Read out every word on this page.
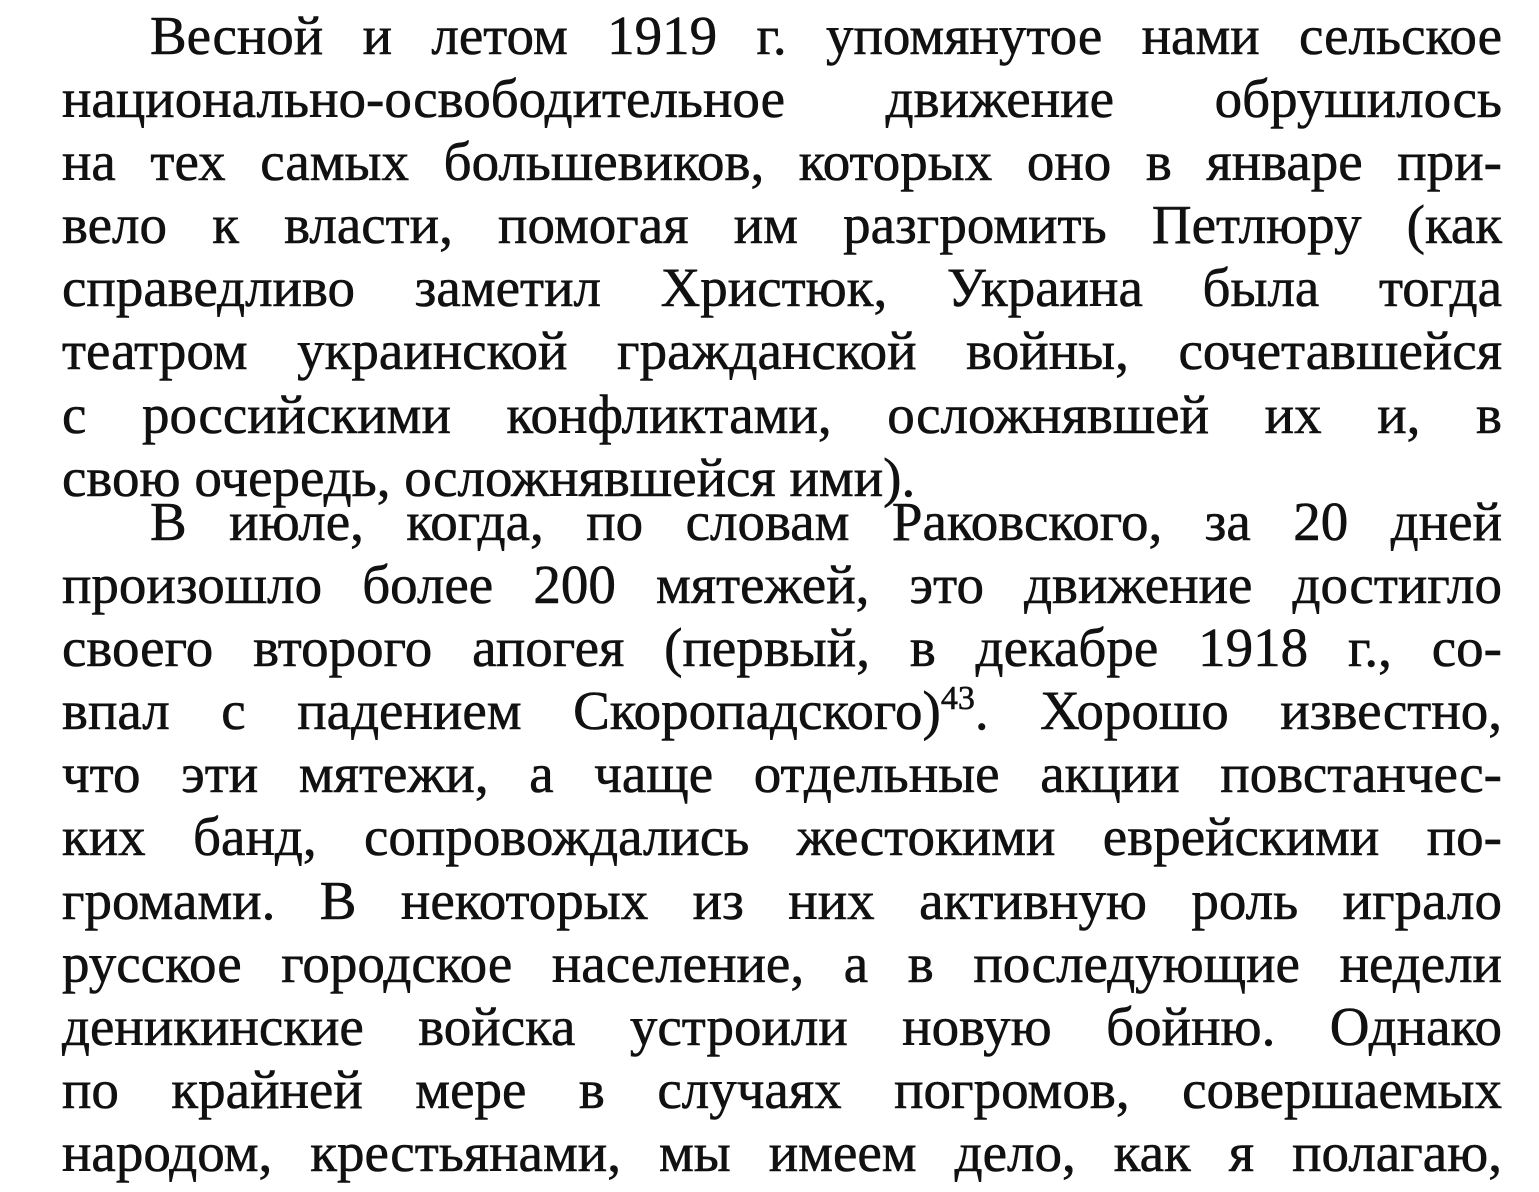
Весной и летом 1919 г. упомянутое нами сельское
национально-освободительное движение обрушилось
на тех самых большевиков, которых оно в январе при-
вело к власти, помогая им разгромить Петлюру (как
справедливо заметил Христюк, Украина была тогда
театром украинской гражданской войны, сочетавшейся
с российскими конфликтами, осложнявшей их и, в
свою очередь, осложнявшейся ими).
В июле, когда, по словам Раковского, за 20 дней
произошло более 200 мятежей, это движение достигло
своего второго апогея (первый, в декабре 1918 г., со-
впал с падением Скоропадского)$^{43}$. Хорошо известно,
что эти мятежи, а чаще отдельные акции повстанчес-
ких банд, сопровождались жестокими еврейскими по-
громами. В некоторых из них активную роль играло
русское городское население, а в последующие недели
деникинские войска устроили новую бойню. Однако
по крайней мере в случаях погромов, совершаемых
народом, крестьянами, мы имеем дело, как я полагаю,
